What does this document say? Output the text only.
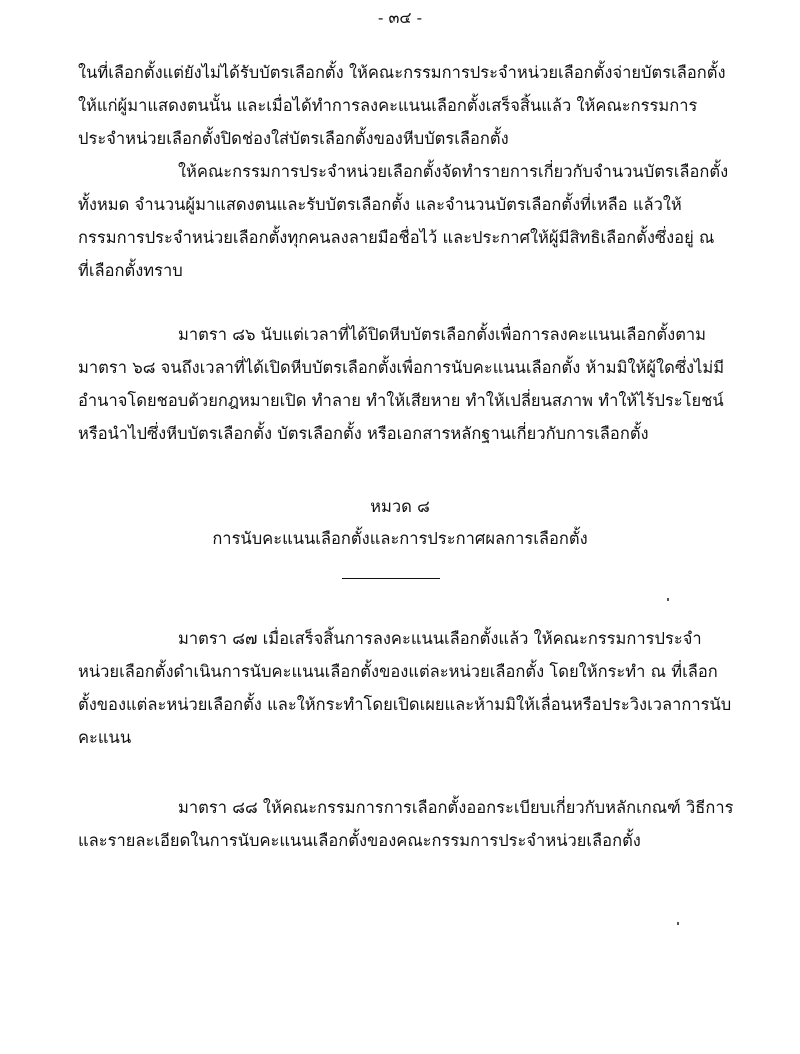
- ๓๔ -
ในที่เลือกตั้งแต่ยังไม่ได้รับบัตรเลือกตั้ง ให้คณะกรรมการประจำหน่วยเลือกตั้งจ่ายบัตรเลือกตั้ง
ให้แก่ผู้มาแสดงตนนั้น และเมื่อได้ทำการลงคะแนนเลือกตั้งเสร็จสิ้นแล้ว ให้คณะกรรมการ
ประจำหน่วยเลือกตั้งปิดช่องใส่บัตรเลือกตั้งของหีบบัตรเลือกตั้ง
ให้คณะกรรมการประจำหน่วยเลือกตั้งจัดทำรายการเกี่ยวกับจำนวนบัตรเลือกตั้ง
ทั้งหมด จำนวนผู้มาแสดงตนและรับบัตรเลือกตั้ง และจำนวนบัตรเลือกตั้งที่เหลือ แล้วให้
กรรมการประจำหน่วยเลือกตั้งทุกคนลงลายมือชื่อไว้ และประกาศให้ผู้มีสิทธิเลือกตั้งซึ่งอยู่ ณ
ที่เลือกตั้งทราบ
มาตรา ๘๖ นับแต่เวลาที่ได้ปิดหีบบัตรเลือกตั้งเพื่อการลงคะแนนเลือกตั้งตาม
มาตรา ๖๘ จนถึงเวลาที่ได้เปิดหีบบัตรเลือกตั้งเพื่อการนับคะแนนเลือกตั้ง ห้ามมิให้ผู้ใดซึ่งไม่มี
อำนาจโดยชอบด้วยกฎหมายเปิด ทำลาย ทำให้เสียหาย ทำให้เปลี่ยนสภาพ ทำให้ไร้ประโยชน์
หรือนำไปซึ่งหีบบัตรเลือกตั้ง บัตรเลือกตั้ง หรือเอกสารหลักฐานเกี่ยวกับการเลือกตั้ง
หมวด ๘
การนับคะแนนเลือกตั้งและการประกาศผลการเลือกตั้ง
มาตรา ๘๗ เมื่อเสร็จสิ้นการลงคะแนนเลือกตั้งแล้ว ให้คณะกรรมการประจำ
หน่วยเลือกตั้งดำเนินการนับคะแนนเลือกตั้งของแต่ละหน่วยเลือกตั้ง โดยให้กระทำ ณ ที่เลือก
ตั้งของแต่ละหน่วยเลือกตั้ง และให้กระทำโดยเปิดเผยและห้ามมิให้เลื่อนหรือประวิงเวลาการนับ
คะแนน
มาตรา ๘๘ ให้คณะกรรมการการเลือกตั้งออกระเบียบเกี่ยวกับหลักเกณฑ์ วิธีการ
และรายละเอียดในการนับคะแนนเลือกตั้งของคณะกรรมการประจำหน่วยเลือกตั้ง
